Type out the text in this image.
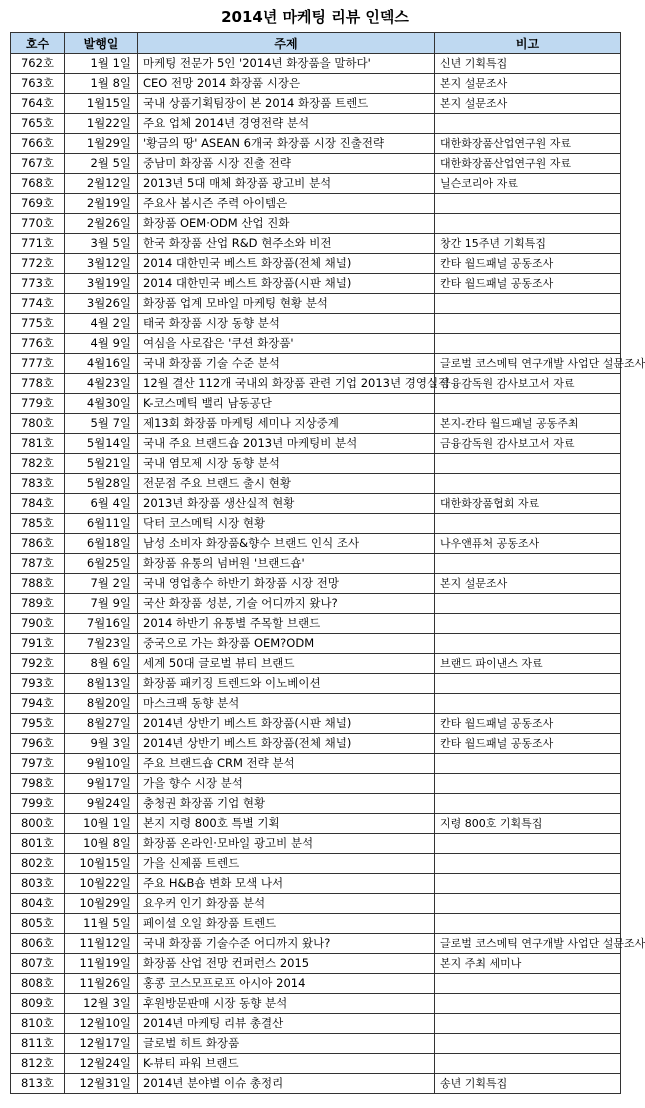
2014년 마케팅 리뷰 인덱스
호수	발행일	주제	비고
762호	1월 1일	마케팅 전문가 5인 '2014년 화장품을 말하다'	신년 기획특집
763호	1월 8일	CEO 전망 2014 화장품 시장은	본지 설문조사
764호	1월15일	국내 상품기획팀장이 본 2014 화장품 트렌드	본지 설문조사
765호	1월22일	주요 업체 2014년 경영전략 분석	
766호	1월29일	'황금의 땅' ASEAN 6개국 화장품 시장 진출전략	대한화장품산업연구원 자료
767호	2월 5일	중남미 화장품 시장 진출 전략	대한화장품산업연구원 자료
768호	2월12일	2013년 5대 매체 화장품 광고비 분석	닐슨코리아 자료
769호	2월19일	주요사 봄시즌 주력 아이템은	
770호	2월26일	화장품 OEM·ODM 산업 진화	
771호	3월 5일	한국 화장품 산업 R&D 현주소와 비전	창간 15주년 기획특집
772호	3월12일	2014 대한민국 베스트 화장품(전체 채널)	칸타 월드패널 공동조사
773호	3월19일	2014 대한민국 베스트 화장품(시판 채널)	칸타 월드패널 공동조사
774호	3월26일	화장품 업계 모바일 마케팅 현황 분석	
775호	4월 2일	태국 화장품 시장 동향 분석	
776호	4월 9일	여심을 사로잡은 '쿠션 화장품'	
777호	4월16일	국내 화장품 기술 수준 분석	글로벌 코스메틱 연구개발 사업단 설문조사
778호	4월23일	12월 결산 112개 국내외 화장품 관련 기업 2013년 경영실적	금융감독원 감사보고서 자료
779호	4월30일	K-코스메틱 밸리 남동공단	
780호	5월 7일	제13회 화장품 마케팅 세미나 지상중계	본지-칸타 월드패널 공동주최
781호	5월14일	국내 주요 브랜드숍 2013년 마케팅비 분석	금융감독원 감사보고서 자료
782호	5월21일	국내 염모제 시장 동향 분석	
783호	5월28일	전문점 주요 브랜드 출시 현황	
784호	6월 4일	2013년 화장품 생산실적 현황	대한화장품협회 자료
785호	6월11일	닥터 코스메틱 시장 현황	
786호	6월18일	남성 소비자 화장품&향수 브랜드 인식 조사	나우앤퓨처 공동조사
787호	6월25일	화장품 유통의 넘버원 '브랜드숍'	
788호	7월 2일	국내 영업총수 하반기 화장품 시장 전망	본지 설문조사
789호	7월 9일	국산 화장품 성분, 기술 어디까지 왔나?	
790호	7월16일	2014 하반기 유통별 주목할 브랜드	
791호	7월23일	중국으로 가는 화장품 OEM?ODM	
792호	8월 6일	세계 50대 글로벌 뷰티 브랜드	브랜드 파이낸스 자료
793호	8월13일	화장품 패키징 트렌드와 이노베이션	
794호	8월20일	마스크팩 동향 분석	
795호	8월27일	2014년 상반기 베스트 화장품(시판 채널)	칸타 월드패널 공동조사
796호	9월 3일	2014년 상반기 베스트 화장품(전체 채널)	칸타 월드패널 공동조사
797호	9월10일	주요 브랜드숍 CRM 전략 분석	
798호	9월17일	가을 향수 시장 분석	
799호	9월24일	충청권 화장품 기업 현황	
800호	10월 1일	본지 지령 800호 특별 기획	지령 800호 기획특집
801호	10월 8일	화장품 온라인·모바일 광고비 분석	
802호	10월15일	가을 신제품 트렌드	
803호	10월22일	주요 H&B숍 변화 모색 나서	
804호	10월29일	요우커 인기 화장품 분석	
805호	11월 5일	페이셜 오일 화장품 트렌드	
806호	11월12일	국내 화장품 기술수준 어디까지 왔나?	글로벌 코스메틱 연구개발 사업단 설문조사
807호	11월19일	화장품 산업 전망 컨퍼런스 2015	본지 주최 세미나
808호	11월26일	홍콩 코스모프로프 아시아 2014	
809호	12월 3일	후원방문판매 시장 동향 분석	
810호	12월10일	2014년 마케팅 리뷰 총결산	
811호	12월17일	글로벌 히트 화장품	
812호	12월24일	K-뷰티 파워 브랜드	
813호	12월31일	2014년 분야별 이슈 총정리	송년 기획특집
